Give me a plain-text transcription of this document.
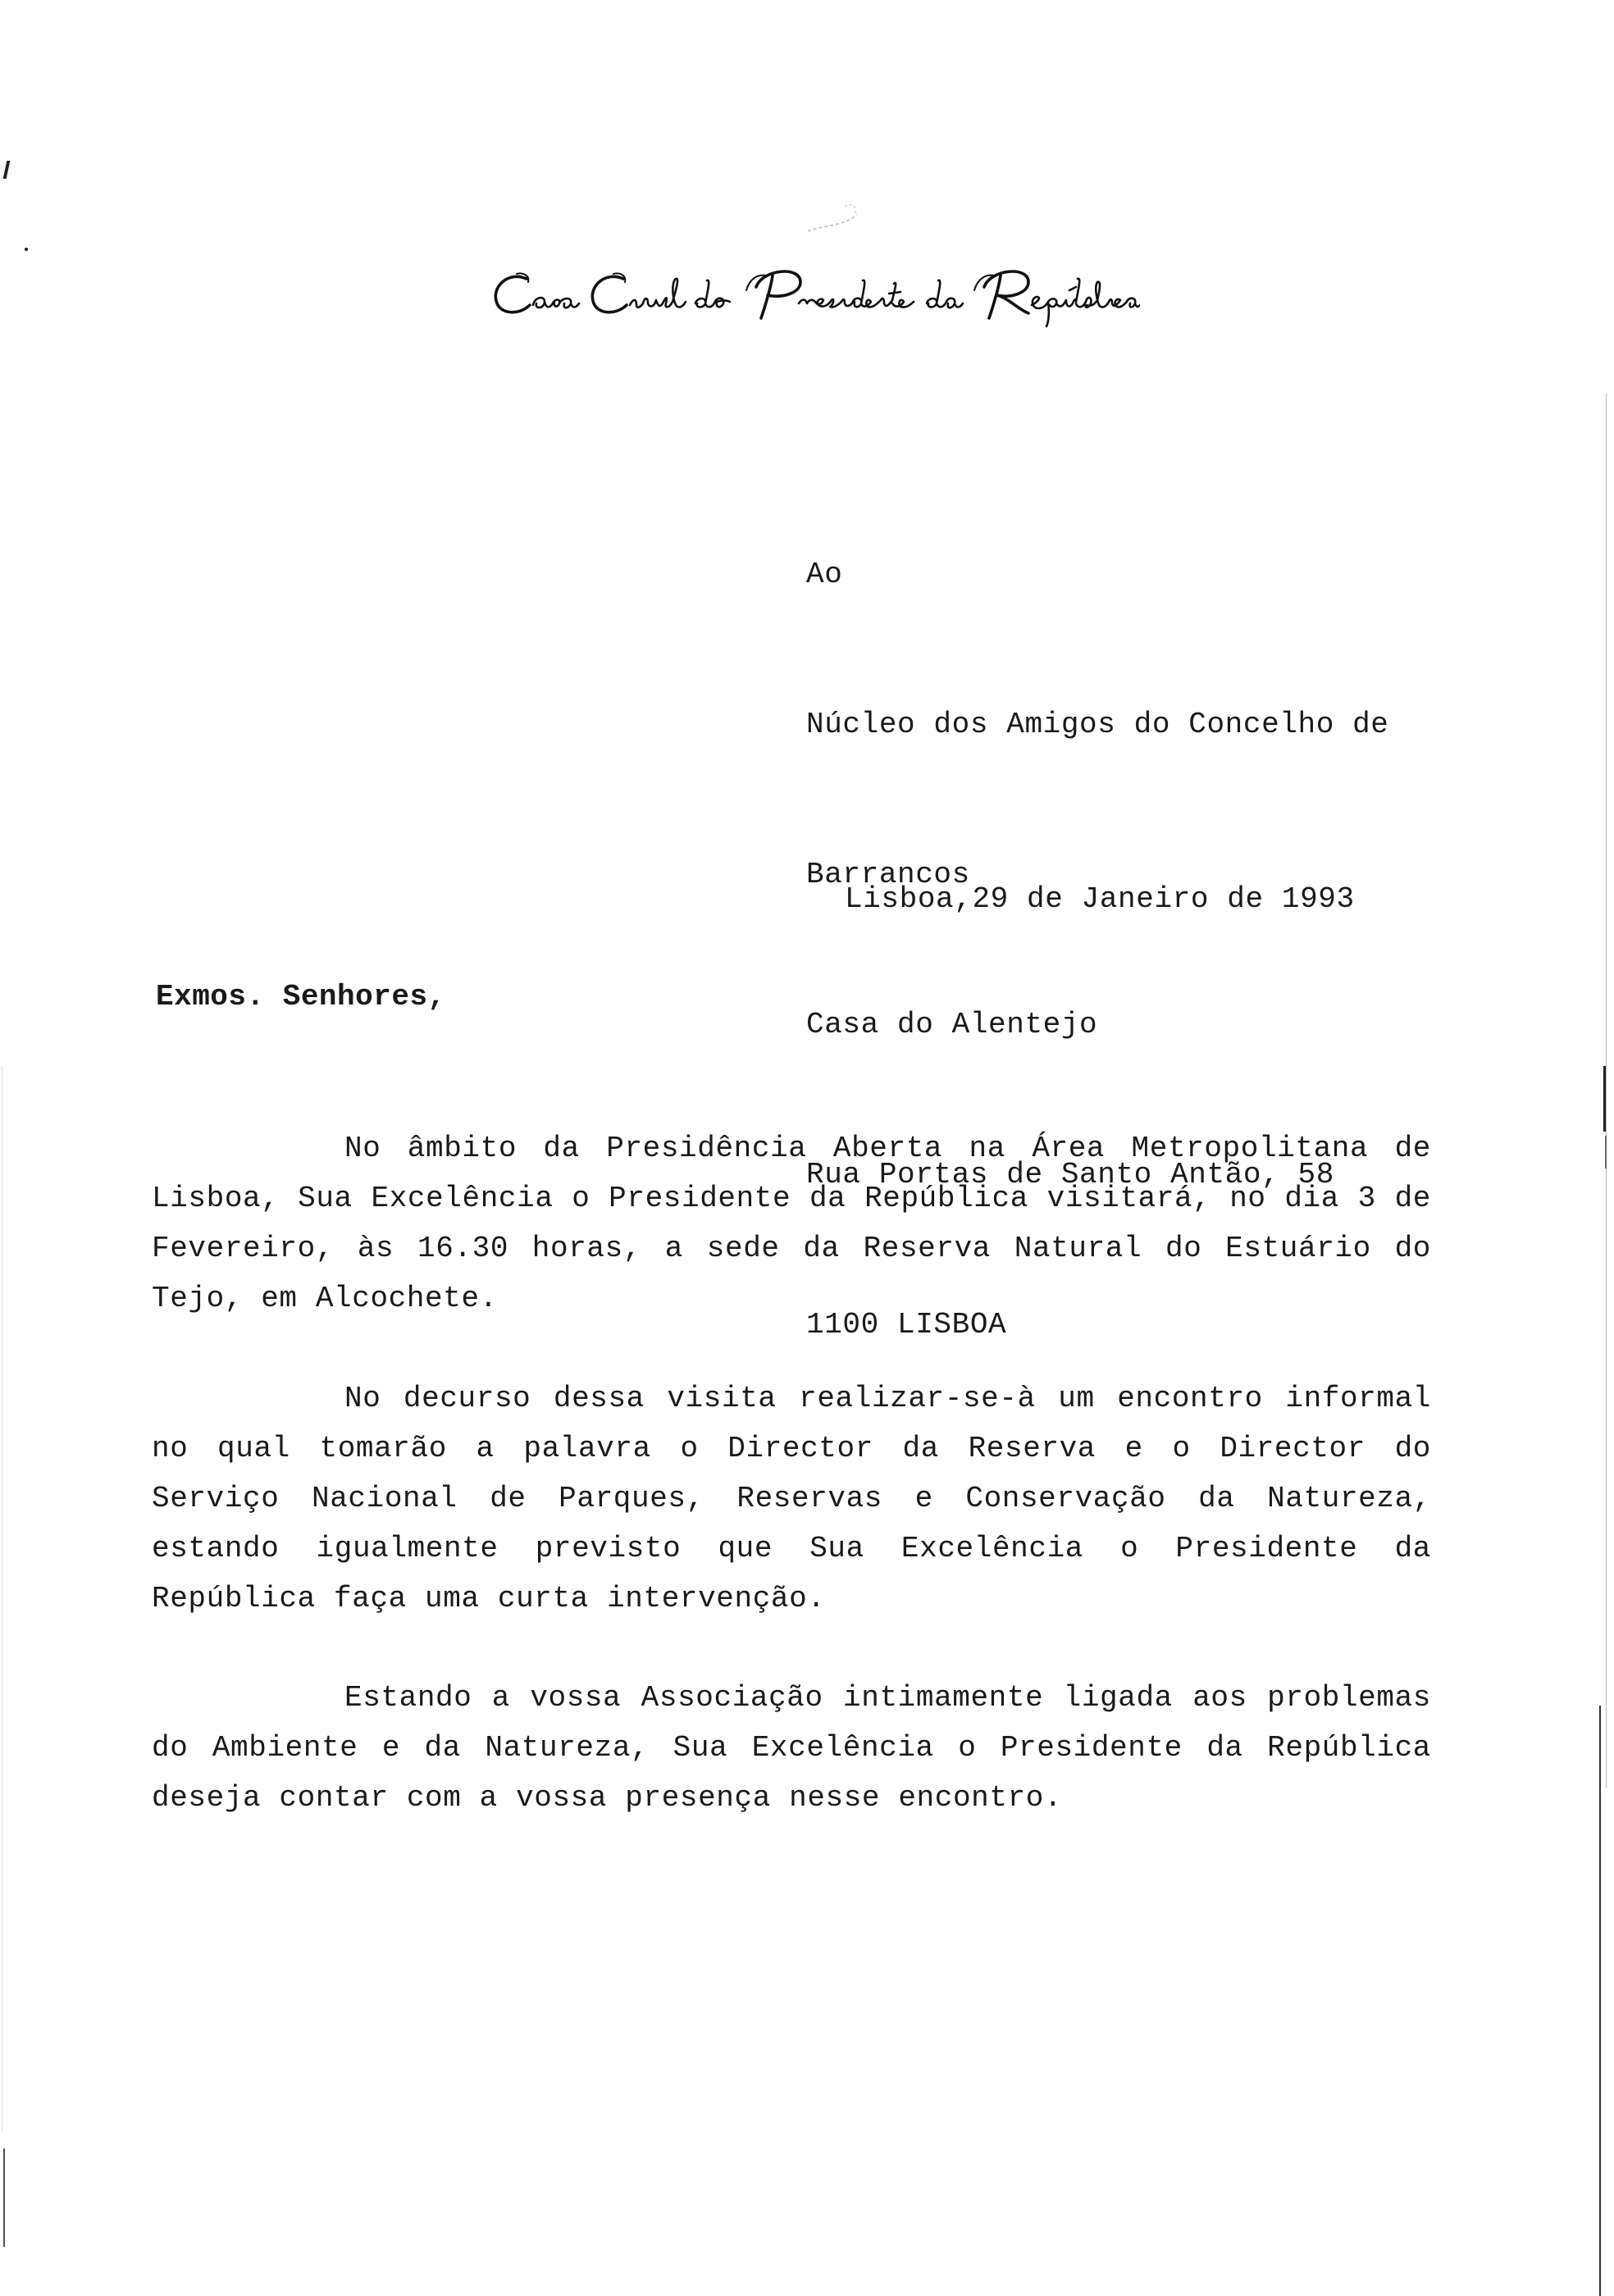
Ao

Núcleo dos Amigos do Concelho de

Barrancos

Casa do Alentejo

Rua Portas de Santo Antão, 58

1100 LISBOA

Lisboa,29 de Janeiro de 1993
Exmos. Senhores,

No âmbito da Presidência Aberta na Área Metropolitana de Lisboa, Sua Excelência o Presidente da República visitará, no dia 3 de Fevereiro, às 16.30 horas, a sede da Reserva Natural do Estuário do Tejo, em Alcochete.

No decurso dessa visita realizar-se-à um encontro informal no qual tomarão a palavra o Director da Reserva e o Director do Serviço Nacional de Parques, Reservas e Conservação da Natureza, estando igualmente previsto que Sua Excelência o Presidente da República faça uma curta intervenção.

Estando a vossa Associação intimamente ligada aos problemas do Ambiente e da Natureza, Sua Excelência o Presidente da República deseja contar com a vossa presença nesse encontro.
